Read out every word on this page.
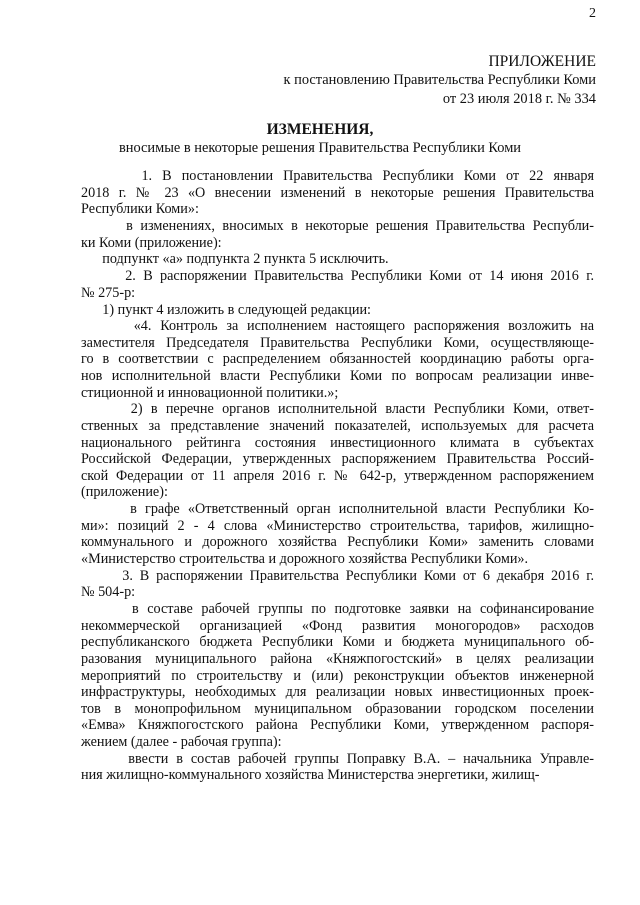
2
ПРИЛОЖЕНИЕ
к постановлению Правительства Республики Коми
от 23 июля 2018 г. № 334
ИЗМЕНЕНИЯ,
вносимые в некоторые решения Правительства Республики Коми
1. В постановлении Правительства Республики Коми от 22 января
2018 г. № 23 «О внесении изменений в некоторые решения Правительства
Республики Коми»:
в изменениях, вносимых в некоторые решения Правительства Республи-
ки Коми (приложение):
подпункт «а» подпункта 2 пункта 5 исключить.
2. В распоряжении Правительства Республики Коми от 14 июня 2016 г.
№ 275-р:
1) пункт 4 изложить в следующей редакции:
«4. Контроль за исполнением настоящего распоряжения возложить на
заместителя Председателя Правительства Республики Коми, осуществляюще-
го в соответствии с распределением обязанностей координацию работы орга-
нов исполнительной власти Республики Коми по вопросам реализации инве-
стиционной и инновационной политики.»;
2) в перечне органов исполнительной власти Республики Коми, ответ-
ственных за представление значений показателей, используемых для расчета
национального рейтинга состояния инвестиционного климата в субъектах
Российской Федерации, утвержденных распоряжением Правительства Россий-
ской Федерации от 11 апреля 2016 г. № 642-р, утвержденном распоряжением
(приложение):
в графе «Ответственный орган исполнительной власти Республики Ко-
ми»: позиций 2 - 4 слова «Министерство строительства, тарифов, жилищно-
коммунального и дорожного хозяйства Республики Коми» заменить словами
«Министерство строительства и дорожного хозяйства Республики Коми».
3. В распоряжении Правительства Республики Коми от 6 декабря 2016 г.
№ 504-р:
в составе рабочей группы по подготовке заявки на софинансирование
некоммерческой организацией «Фонд развития моногородов» расходов
республиканского бюджета Республики Коми и бюджета муниципального об-
разования муниципального района «Княжпогостский» в целях реализации
мероприятий по строительству и (или) реконструкции объектов инженерной
инфраструктуры, необходимых для реализации новых инвестиционных проек-
тов в монопрофильном муниципальном образовании городском поселении
«Емва» Княжпогостского района Республики Коми, утвержденном распоря-
жением (далее - рабочая группа):
ввести в состав рабочей группы Поправку В.А. – начальника Управле-
ния жилищно-коммунального хозяйства Министерства энергетики, жилищ-
